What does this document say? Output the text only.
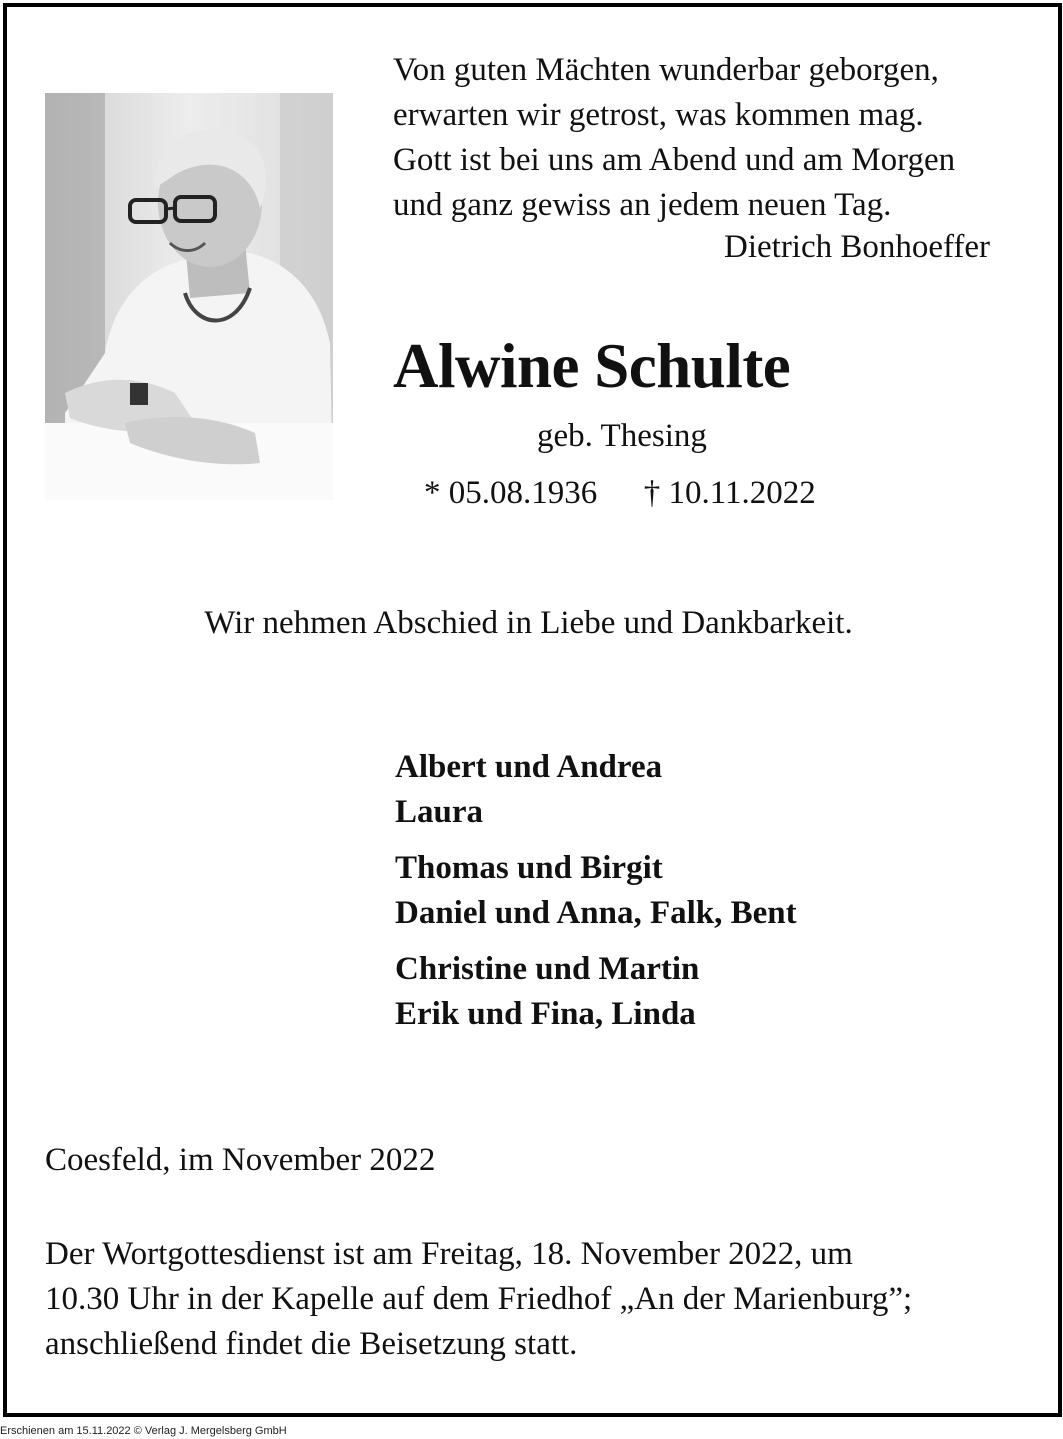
Von guten Mächten wunderbar geborgen,
erwarten wir getrost, was kommen mag.
Gott ist bei uns am Abend und am Morgen
und ganz gewiss an jedem neuen Tag.
Dietrich Bonhoeffer
Alwine Schulte
geb. Thesing
* 05.08.1936 † 10.11.2022
Wir nehmen Abschied in Liebe und Dankbarkeit.
Albert und Andrea
Laura
Thomas und Birgit
Daniel und Anna, Falk, Bent
Christine und Martin
Erik und Fina, Linda
Coesfeld, im November 2022
Der Wortgottesdienst ist am Freitag, 18. November 2022, um
10.30 Uhr in der Kapelle auf dem Friedhof „An der Marienburg”;
anschließend findet die Beisetzung statt.
Erschienen am 15.11.2022 © Verlag J. Mergelsberg GmbH
